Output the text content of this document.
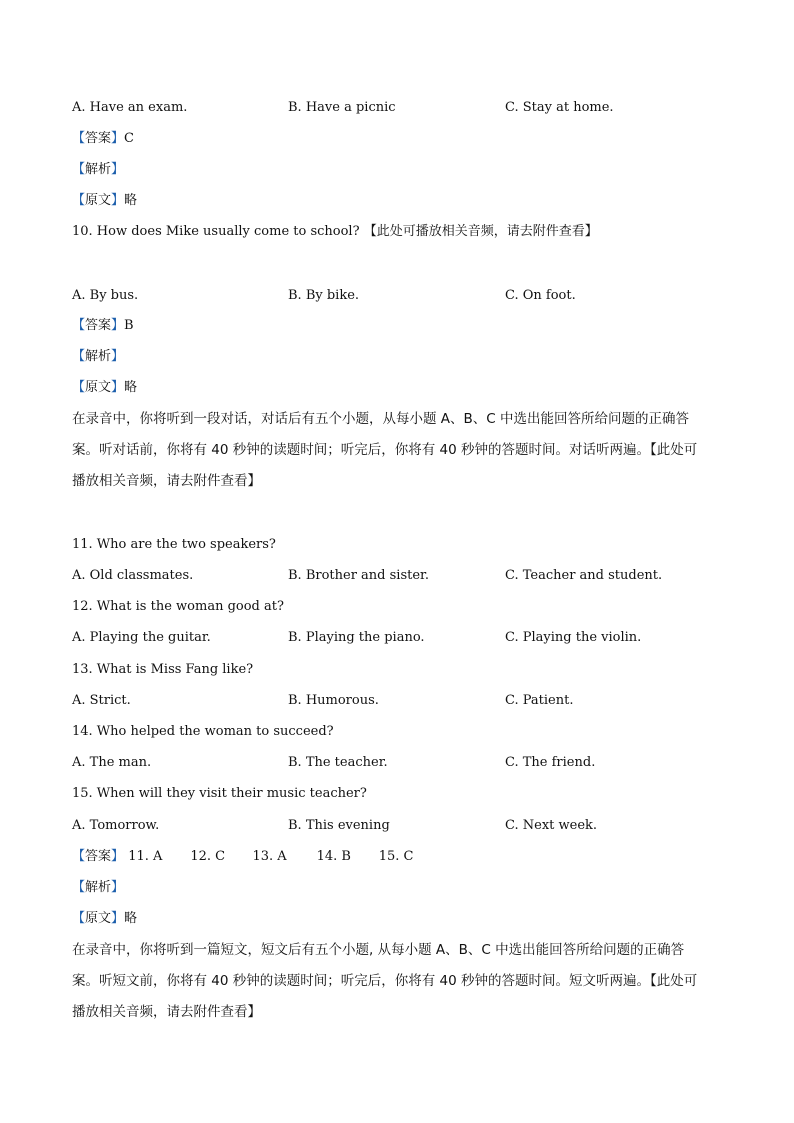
A. Have an exam.	B. Have a picnic	C. Stay at home.
【答案】C
【解析】
【原文】略
10. How does Mike usually come to school? 【此处可播放相关音频，请去附件查看】
A. By bus.	B. By bike.	C. On foot.
【答案】B
【解析】
【原文】略
在录音中，你将听到一段对话，对话后有五个小题，从每小题 A、B、C 中选出能回答所给问题的正确答
案。听对话前，你将有 40 秒钟的读题时间；听完后，你将有 40 秒钟的答题时间。对话听两遍。【此处可
播放相关音频，请去附件查看】
11. Who are the two speakers?
A. Old classmates.	B. Brother and sister.	C. Teacher and student.
12. What is the woman good at?
A. Playing the guitar.	B. Playing the piano.	C. Playing the violin.
13. What is Miss Fang like?
A. Strict.	B. Humorous.	C. Patient.
14. Who helped the woman to succeed?
A. The man.	B. The teacher.	C. The friend.
15. When will they visit their music teacher?
A. Tomorrow.	B. This evening	C. Next week.
【答案】 11. A 12. C 13. A 14. B 15. C
【解析】
【原文】略
在录音中，你将听到一篇短文，短文后有五个小题, 从每小题 A、B、C 中选出能回答所给问题的正确答
案。听短文前，你将有 40 秒钟的读题时间；听完后，你将有 40 秒钟的答题时间。短文听两遍。【此处可
播放相关音频，请去附件查看】
